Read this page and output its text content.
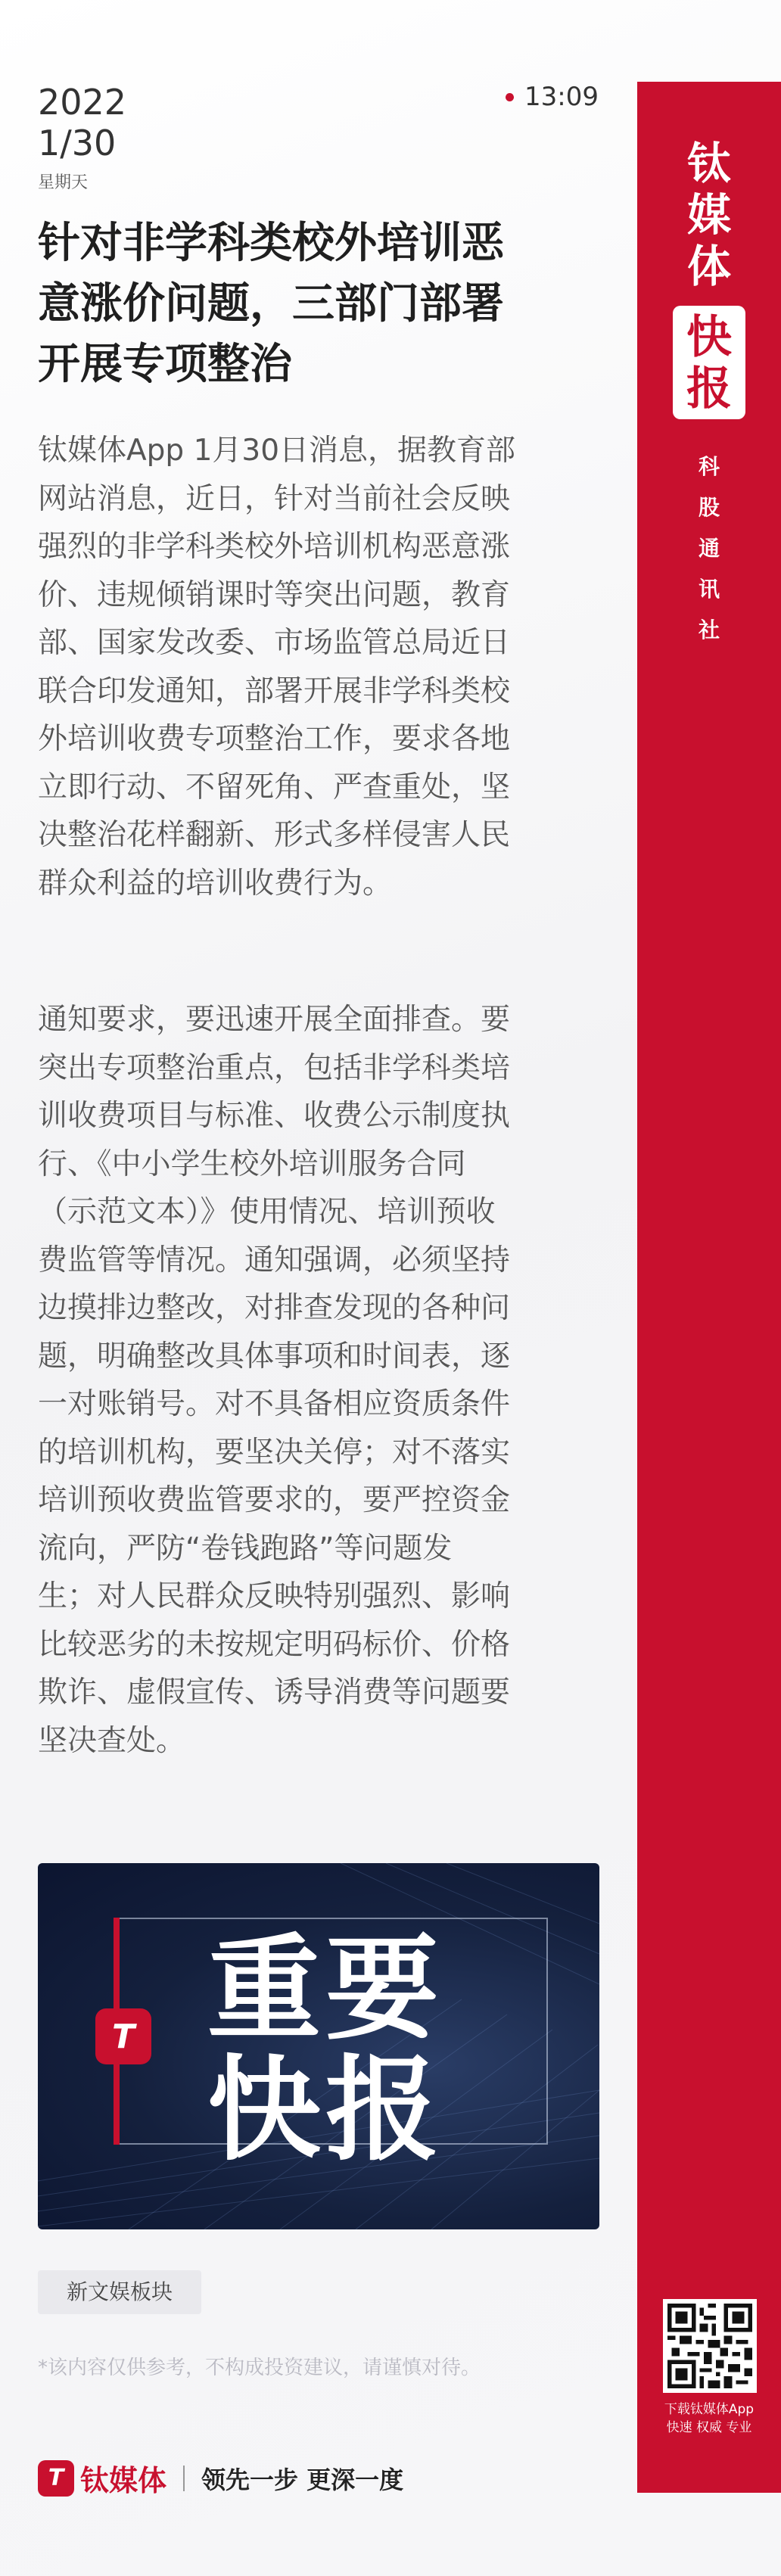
2022
1/30
星期天
13:09
针对非学科类校外培训恶
意涨价问题，三部门部署
开展专项整治
钛媒体App 1月30日消息，据教育部
网站消息，近日，针对当前社会反映
强烈的非学科类校外培训机构恶意涨
价、违规倾销课时等突出问题，教育
部、国家发改委、市场监管总局近日
联合印发通知，部署开展非学科类校
外培训收费专项整治工作，要求各地
立即行动、不留死角、严查重处，坚
决整治花样翻新、形式多样侵害人民
群众利益的培训收费行为。
通知要求，要迅速开展全面排查。要
突出专项整治重点，包括非学科类培
训收费项目与标准、收费公示制度执
行、《中小学生校外培训服务合同
（示范文本）》使用情况、培训预收
费监管等情况。通知强调，必须坚持
边摸排边整改，对排查发现的各种问
题，明确整改具体事项和时间表，逐
一对账销号。对不具备相应资质条件
的培训机构，要坚决关停；对不落实
培训预收费监管要求的，要严控资金
流向，严防“卷钱跑路”等问题发
生；对人民群众反映特别强烈、影响
比较恶劣的未按规定明码标价、价格
欺诈、虚假宣传、诱导消费等问题要
坚决查处。
T 重要
快报
新文娱板块
*该内容仅供参考，不构成投资建议，请谨慎对待。
T 钛媒体 领先一步 更深一度
钛
媒
体
快
报
科
股
通
讯
社
下载钛媒体App
快速 权威 专业
